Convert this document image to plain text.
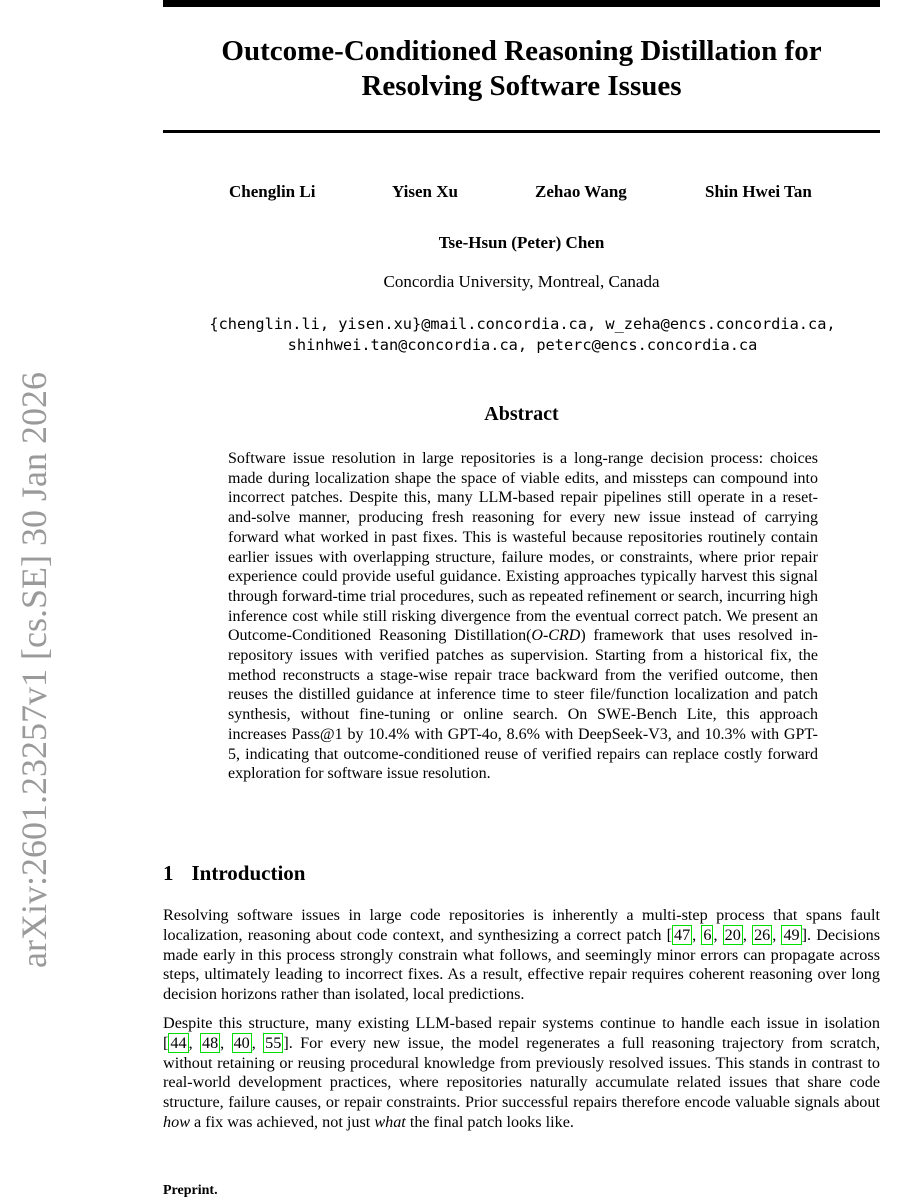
Outcome-Conditioned Reasoning Distillation for Resolving Software Issues
Chenglin Li	Yisen Xu	Zehao Wang	Shin Hwei Tan
Tse-Hsun (Peter) Chen
Concordia University, Montreal, Canada
{chenglin.li, yisen.xu}@mail.concordia.ca, w_zeha@encs.concordia.ca,
shinhwei.tan@concordia.ca, peterc@encs.concordia.ca
Abstract
Software issue resolution in large repositories is a long-range decision process: choices made during localization shape the space of viable edits, and missteps can compound into incorrect patches. Despite this, many LLM-based repair pipelines still operate in a reset-and-solve manner, producing fresh reasoning for every new issue instead of carrying forward what worked in past fixes. This is wasteful because repositories routinely contain earlier issues with overlapping structure, failure modes, or constraints, where prior repair experience could provide useful guidance. Existing approaches typically harvest this signal through forward-time trial procedures, such as repeated refinement or search, incurring high inference cost while still risking divergence from the eventual correct patch. We present an Outcome-Conditioned Reasoning Distillation(O-CRD) framework that uses resolved in-repository issues with verified patches as supervision. Starting from a historical fix, the method reconstructs a stage-wise repair trace backward from the verified outcome, then reuses the distilled guidance at inference time to steer file/function localization and patch synthesis, without fine-tuning or online search. On SWE-Bench Lite, this approach increases Pass@1 by 10.4% with GPT-4o, 8.6% with DeepSeek-V3, and 10.3% with GPT-5, indicating that outcome-conditioned reuse of verified repairs can replace costly forward exploration for software issue resolution.
1 Introduction
Resolving software issues in large code repositories is inherently a multi-step process that spans fault localization, reasoning about code context, and synthesizing a correct patch [ 47 , 6 , 20 , 26 , 49 ]. Decisions made early in this process strongly constrain what follows, and seemingly minor errors can propagate across steps, ultimately leading to incorrect fixes. As a result, effective repair requires coherent reasoning over long decision horizons rather than isolated, local predictions.
Despite this structure, many existing LLM-based repair systems continue to handle each issue in isolation [ 44 , 48 , 40 , 55 ]. For every new issue, the model regenerates a full reasoning trajectory from scratch, without retaining or reusing procedural knowledge from previously resolved issues. This stands in contrast to real-world development practices, where repositories naturally accumulate related issues that share code structure, failure causes, or repair constraints. Prior successful repairs therefore encode valuable signals about how a fix was achieved, not just what the final patch looks like.
Preprint.
arXiv:2601.23257v1 [cs.SE] 30 Jan 2026
